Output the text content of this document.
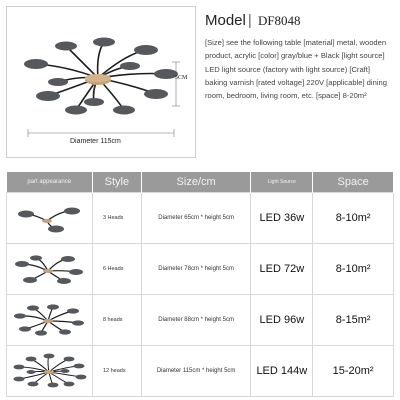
5CM
Diameter 115cm
Model | DF8048
[Size] see the following table [material] metal, wooden product, acrylic [color] gray/blue + Black [light source] LED light source (factory with light source) [Craft] baking varnish [rated voltage] 220V [applicable] dining room, bedroom, living room, etc. [space] 8-20m²
part appearance	Style	Size/cm	Light Source	Space

	3 Heads	Diameter 65cm * height 5cm	LED 36w	8-10m²

	6 Heads	Diameter 78cm * height 5cm	LED 72w	8-10m²

	8 heads	Diameter 88cm * height 5cm	LED 96w	8-15m²

	12 heads	Diameter 115cm * height 5cm	LED 144w	15-20m²
